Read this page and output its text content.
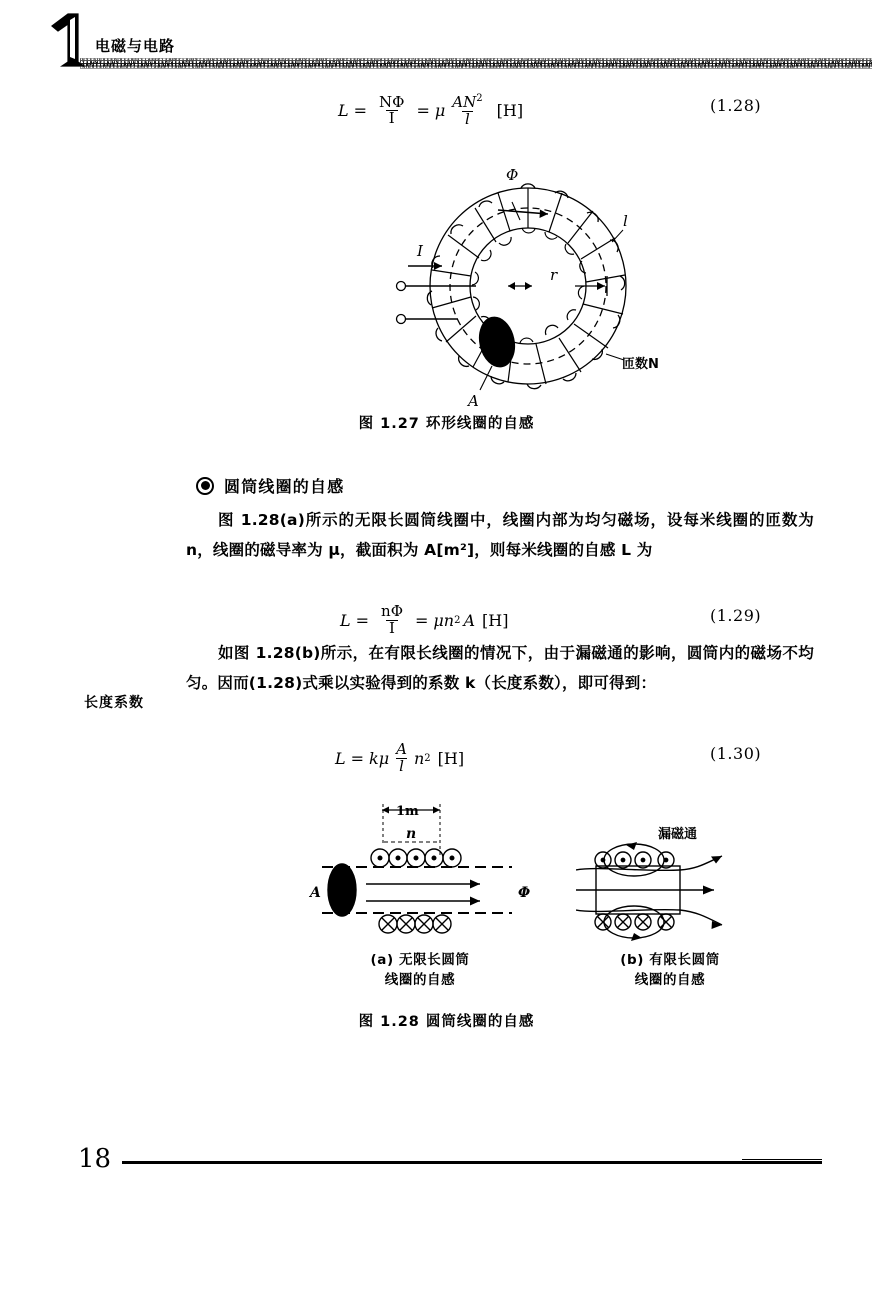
电磁与电路
$L = \frac{N\Phi}{I} = \mu \frac{AN^2}{l} [H]$	(1.28)
Φ
I
l
r
A
匝数N
图 1.27 环形线圈的自感
圆筒线圈的自感
图 1.28(a)所示的无限长圆筒线圈中，线圈内部为均匀磁场，设每米线圈的匝数为 n，线圈的磁导率为 μ，截面积为 A[m²]，则每米线圈的自感 L 为
$L = \frac{n\Phi}{I} = \mu n$ 2 A [H]	(1.29)
如图 1.28(b)所示，在有限长线圈的情况下，由于漏磁通的影响，圆筒内的磁场不均匀。因而(1.28)式乘以实验得到的系数 k（长度系数），即可得到：
长度系数
L = k μ $\frac{A}{l}$ n 2 [H]	(1.30)
1m
n
A	Φ
漏磁通
(a) 无限长圆筒
线圈的自感
(b) 有限长圆筒
线圈的自感
图 1.28 圆筒线圈的自感
18
